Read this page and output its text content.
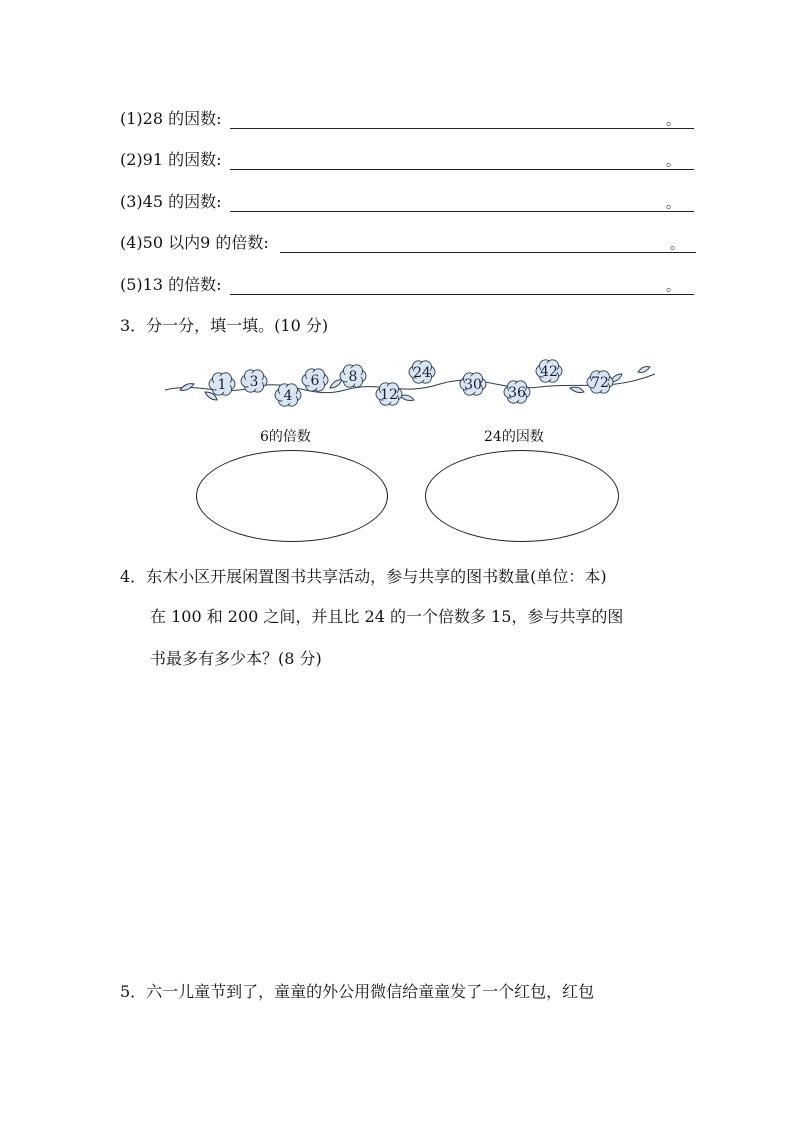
(1)28 的因数:	。
(2)91 的因数:	。
(3)45 的因数:	。
(4)50 以内9 的倍数:	。
(5)13 的倍数:	。
3．分一分，填一填。(10 分)
1 3
4
6 8
12
24
30 36
42
72
6的倍数	24的因数
4．东木小区开展闲置图书共享活动，参与共享的图书数量(单位：本)
在 100 和 200 之间，并且比 24 的一个倍数多 15，参与共享的图
书最多有多少本？(8 分)
5．六一儿童节到了，童童的外公用微信给童童发了一个红包，红包
